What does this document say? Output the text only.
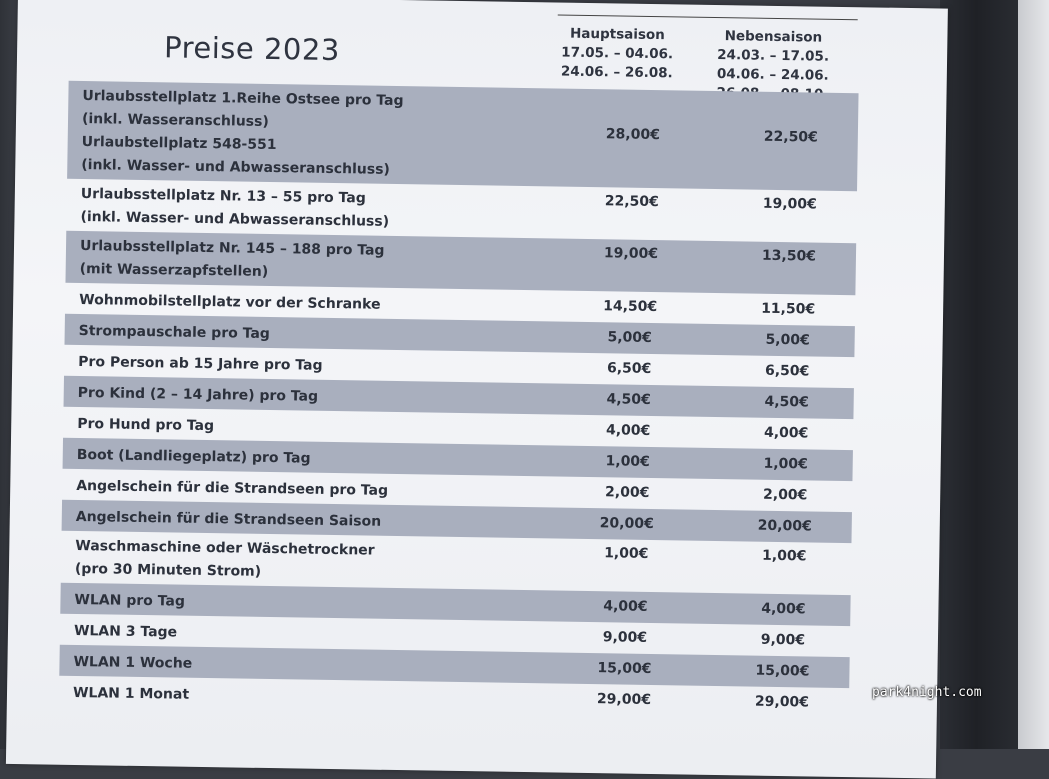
Preise 2023	Hauptsaison
17.05. – 04.06.
24.06. – 26.08.
Nebensaison
24.03. – 17.05.
04.06. – 24.06.
Urlaubsstellplatz 1.Reihe Ostsee pro Tag
(inkl. Wasseranschluss)
Urlaubstellplatz 548-551
(inkl. Wasser- und Abwasseranschluss)
28,00€	22,50€
Urlaubsstellplatz Nr. 13 – 55 pro Tag
(inkl. Wasser- und Abwasseranschluss)
22,50€	19,00€
Urlaubsstellplatz Nr. 145 – 188 pro Tag
(mit Wasserzapfstellen)
19,00€	13,50€
Wohnmobilstellplatz vor der Schranke	14,50€	11,50€
Strompauschale pro Tag	5,00€	5,00€
Pro Person ab 15 Jahre pro Tag	6,50€	6,50€
Pro Kind (2 – 14 Jahre) pro Tag	4,50€	4,50€
Pro Hund pro Tag	4,00€	4,00€
Boot (Landliegeplatz) pro Tag	1,00€	1,00€
Angelschein für die Strandseen pro Tag	2,00€	2,00€
Angelschein für die Strandseen Saison	20,00€	20,00€
Waschmaschine oder Wäschetrockner
(pro 30 Minuten Strom)
1,00€	1,00€
WLAN pro Tag	4,00€	4,00€
WLAN 3 Tage	9,00€	9,00€
WLAN 1 Woche	15,00€	15,00€
WLAN 1 Monat	29,00€	29,00€
park4night.com
